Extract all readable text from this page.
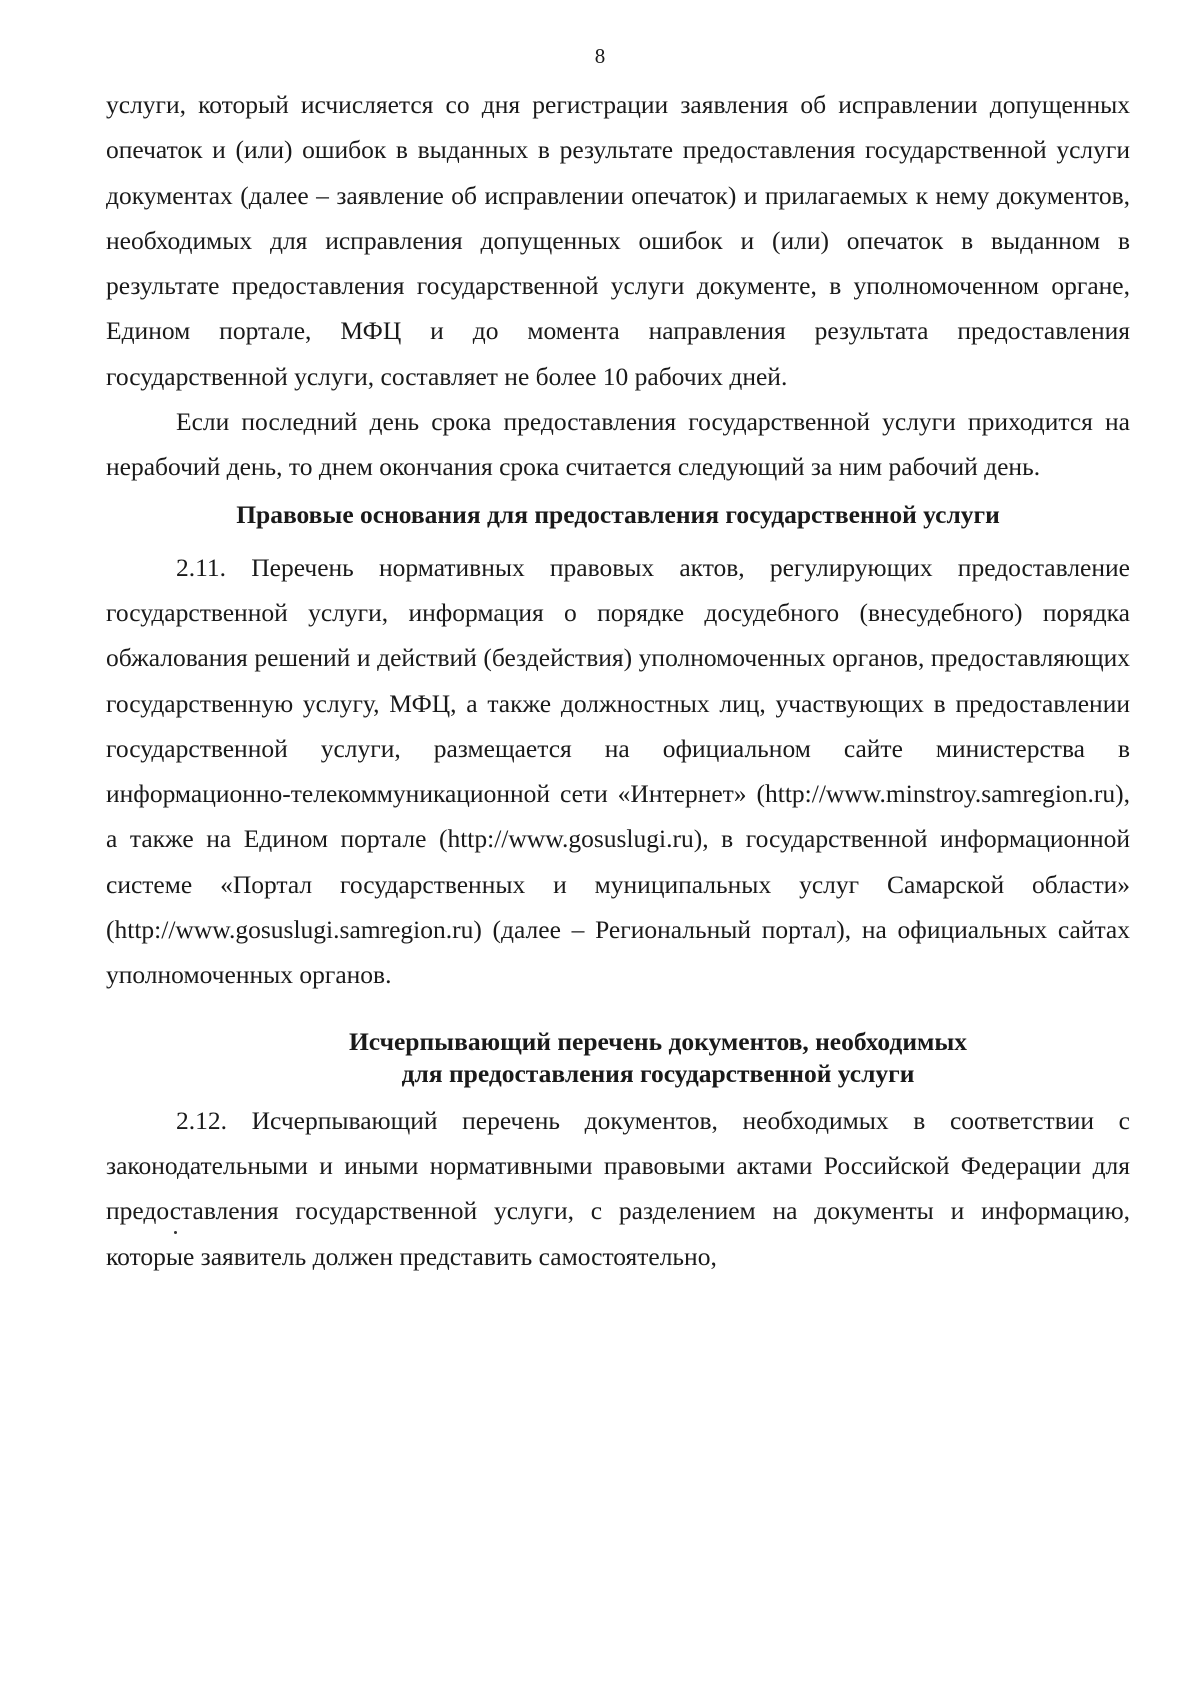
8

услуги, который исчисляется со дня регистрации заявления об исправлении допущенных опечаток и (или) ошибок в выданных в результате предоставления государственной услуги документах (далее – заявление об исправлении опечаток) и прилагаемых к нему документов, необходимых для исправления допущенных ошибок и (или) опечаток в выданном в результате предоставления государственной услуги документе, в уполномоченном органе, Едином портале, МФЦ и до момента направления результата предоставления государственной услуги, составляет не более 10 рабочих дней.

Если последний день срока предоставления государственной услуги приходится на нерабочий день, то днем окончания срока считается следующий за ним рабочий день.

Правовые основания для предоставления государственной услуги

2.11. Перечень нормативных правовых актов, регулирующих предоставление государственной услуги, информация о порядке досудебного (внесудебного) порядка обжалования решений и действий (бездействия) уполномоченных органов, предоставляющих государственную услугу, МФЦ, а также должностных лиц, участвующих в предоставлении государственной услуги, размещается на официальном сайте министерства в информационно-телекоммуникационной сети «Интернет» (http://www.minstroy.samregion.ru), а также на Едином портале (http://www.gosuslugi.ru), в государственной информационной системе «Портал государственных и муниципальных услуг Самарской области» (http://www.gosuslugi.samregion.ru) (далее – Региональный портал), на официальных сайтах уполномоченных органов.

Исчерпывающий перечень документов, необходимых
для предоставления государственной услуги

2.12. Исчерпывающий перечень документов, необходимых в соответствии с законодательными и иными нормативными правовыми актами Российской Федерации для предоставления государственной услуги, с разделением на документы и информацию, которые заявитель должен представить самостоятельно,
